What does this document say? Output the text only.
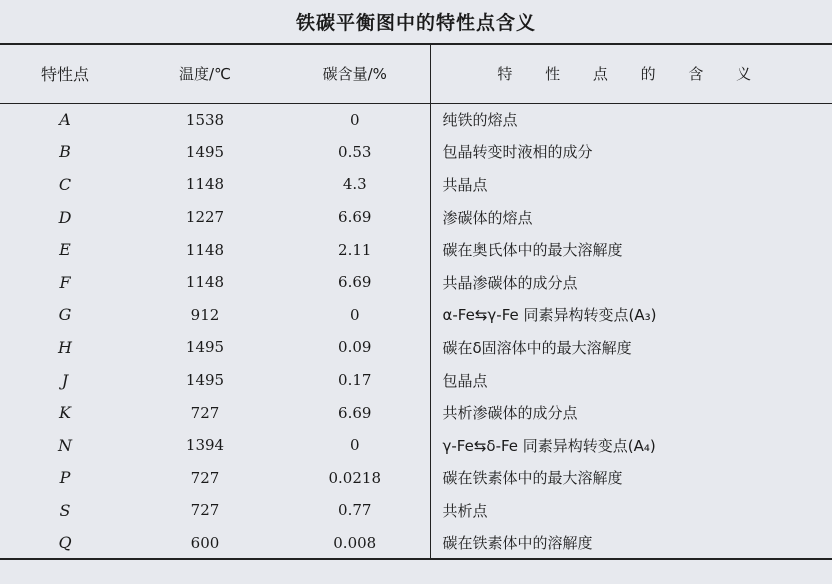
铁碳平衡图中的特性点含义
特性点	温度/℃	碳含量/%	特 性 点 的 含 义
A	1538	0	纯铁的熔点
B	1495	0.53	包晶转变时液相的成分
C	1148	4.3	共晶点
D	1227	6.69	渗碳体的熔点
E	1148	2.11	碳在奥氏体中的最大溶解度
F	1148	6.69	共晶渗碳体的成分点
G	912	0	α-Fe⇆γ-Fe 同素异构转变点(A₃)
H	1495	0.09	碳在δ固溶体中的最大溶解度
J	1495	0.17	包晶点
K	727	6.69	共析渗碳体的成分点
N	1394	0	γ-Fe⇆δ-Fe 同素异构转变点(A₄)
P	727	0.0218	碳在铁素体中的最大溶解度
S	727	0.77	共析点
Q	600	0.008	碳在铁素体中的溶解度
